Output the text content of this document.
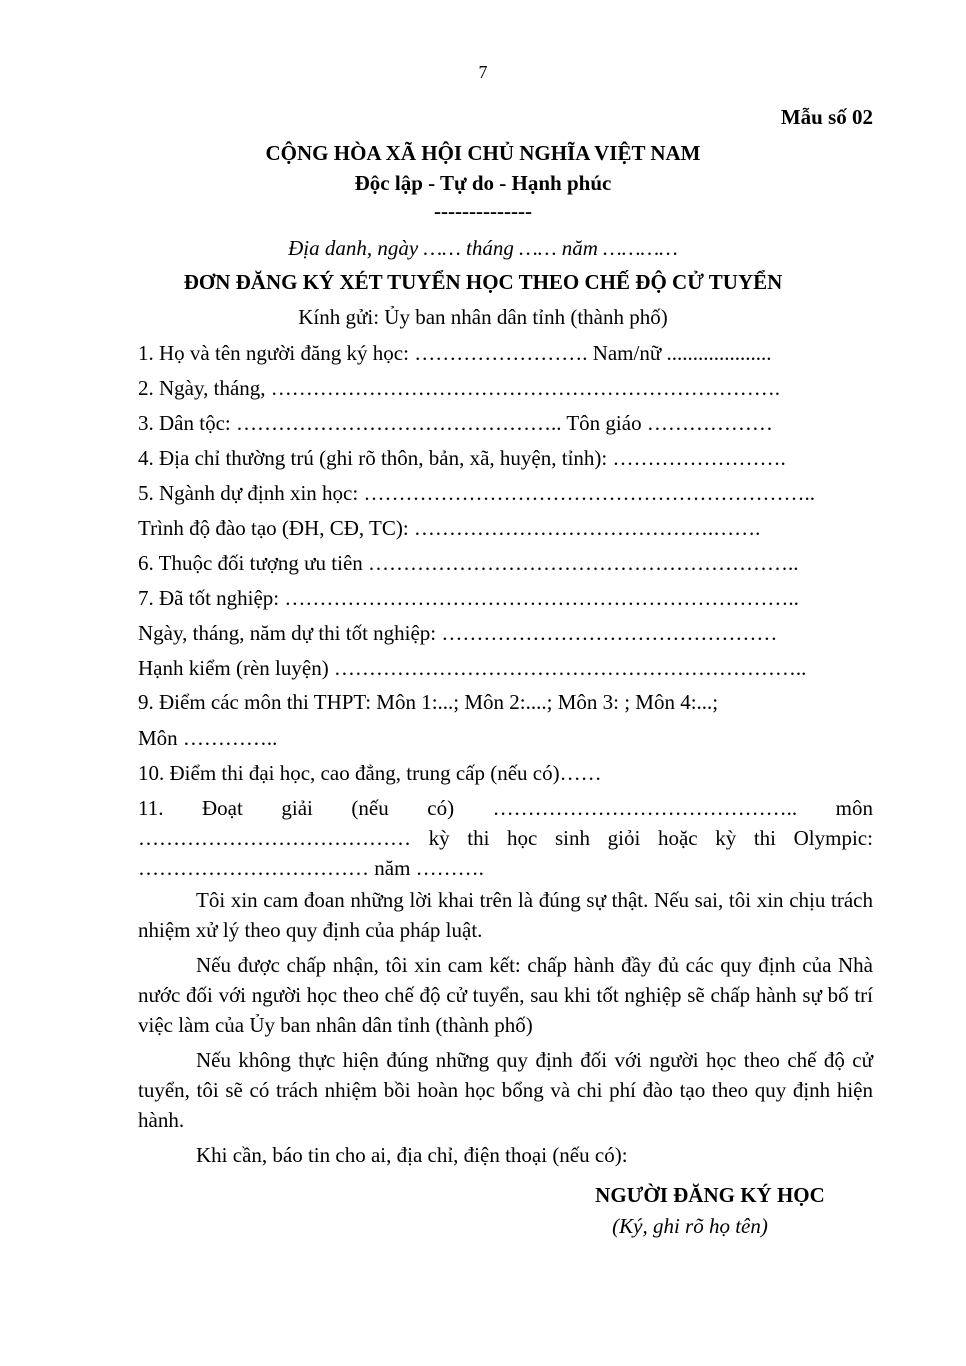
7
Mẫu số 02
CỘNG HÒA XÃ HỘI CHỦ NGHĨA VIỆT NAM
Độc lập - Tự do - Hạnh phúc
--------------
Địa danh, ngày …… tháng …… năm …………
ĐƠN ĐĂNG KÝ XÉT TUYỂN HỌC THEO CHẾ ĐỘ CỬ TUYỂN
Kính gửi: Ủy ban nhân dân tỉnh (thành phố)
1. Họ và tên người đăng ký học: ……………………. Nam/nữ ....................
2. Ngày, tháng, ……………………………………………………………….
3. Dân tộc: ……………………………………….. Tôn giáo ………………
4. Địa chỉ thường trú (ghi rõ thôn, bản, xã, huyện, tỉnh): …………………….
5. Ngành dự định xin học: ………………………………………………………..
Trình độ đào tạo (ĐH, CĐ, TC): …………………………………….…….
6. Thuộc đối tượng ưu tiên ……………………………………………………..
7. Đã tốt nghiệp: ………………………………………………………………..
Ngày, tháng, năm dự thi tốt nghiệp: …………………………………………
Hạnh kiểm (rèn luyện) …………………………………………………………..
9. Điểm các môn thi THPT: Môn 1:...; Môn 2:....; Môn 3: ; Môn 4:...;
Môn …………..
10. Điểm thi đại học, cao đẳng, trung cấp (nếu có)……
11. Đoạt giải (nếu có) …………………………………….. môn
………………………………… kỳ thi học sinh giỏi hoặc kỳ thi Olympic:
…………………………… năm ……….
Tôi xin cam đoan những lời khai trên là đúng sự thật. Nếu sai, tôi xin chịu trách nhiệm xử lý theo quy định của pháp luật.
Nếu được chấp nhận, tôi xin cam kết: chấp hành đầy đủ các quy định của Nhà nước đối với người học theo chế độ cử tuyển, sau khi tốt nghiệp sẽ chấp hành sự bố trí việc làm của Ủy ban nhân dân tỉnh (thành phố)
Nếu không thực hiện đúng những quy định đối với người học theo chế độ cử tuyển, tôi sẽ có trách nhiệm bồi hoàn học bổng và chi phí đào tạo theo quy định hiện hành.
Khi cần, báo tin cho ai, địa chỉ, điện thoại (nếu có):
NGƯỜI ĐĂNG KÝ HỌC
(Ký, ghi rõ họ tên)
